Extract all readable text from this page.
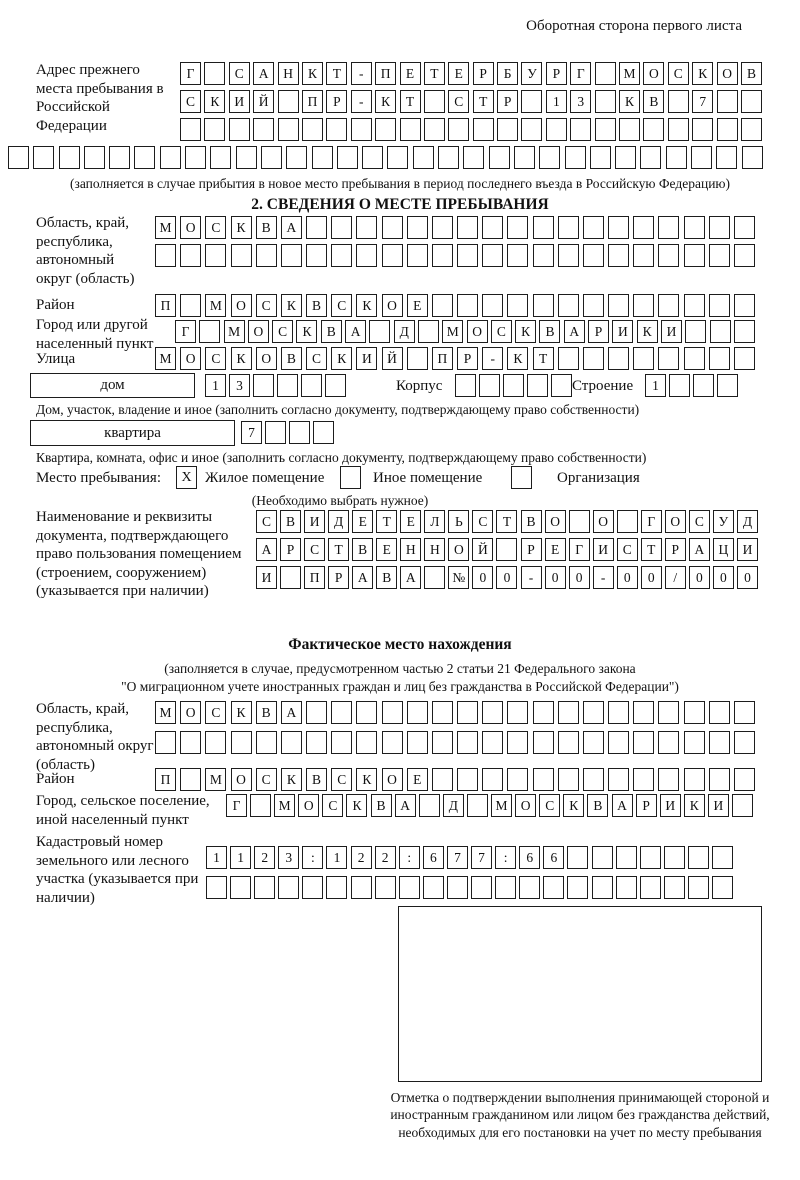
Оборотная сторона первого листа
Адрес прежнего места пребывания в Российской Федерации
Г	С	А	Н	К	Т	-	П	Е	Т	Е	Р	Б	У	Р	Г	М	О	С	К	О	В
С	К	И	Й	П	Р	-	К	Т	С	Т	Р	1	3	К	В	7
(заполняется в случае прибытия в новое место пребывания в период последнего въезда в Российскую Федерацию)
2. СВЕДЕНИЯ О МЕСТЕ ПРЕБЫВАНИЯ
Область, край, республика, автономный округ (область)
М	О	С	К	В	А
Район	П	М	О	С	К	В	С	К	О	Е
Город или другой населенный пункт
Г	М О	С	К	В	А	Д	М О	С	К	В	А	Р	И	К	И
Улица	М	О	С	К	О	В	С	К	И	Й	П	Р	-	К	Т
дом	1	3	Корпус	Строение	1
Дом, участок, владение и иное (заполнить согласно документу, подтверждающему право собственности)
квартира	7
Квартира, комната, офис и иное (заполнить согласно документу, подтверждающему право собственности)
Место пребывания:	X Жилое помещение	Иное помещение	Организация
(Необходимо выбрать нужное)
Наименование и реквизиты документа, подтверждающего право пользования помещением (строением, сооружением) (указывается при наличии)
С	В	И	Д	Е	Т	Е	Л	Ь	С	Т	В	О	О	Г	О	С	У	Д
А	Р	С	Т	В	Е	Н	Н	О	Й	Р	Е	Г	И	С	Т	Р	А	Ц	И
И	П	Р	А	В	А	№	0	0	-	0	0	-	0	0	/	0	0	0
Фактическое место нахождения
(заполняется в случае, предусмотренном частью 2 статьи 21 Федерального закона
"О миграционном учете иностранных граждан и лиц без гражданства в Российской Федерации")
Область, край, республика, автономный округ (область)
М	О	С	К	В	А
Район	П	М	О	С	К	В	С	К	О	Е
Город, сельское поселение, иной населенный пункт
Г	М О	С	К	В	А	Д	М О	С	К	В	А	Р	И	К	И
Кадастровый номер земельного или лесного участка (указывается при наличии)
1	1	2	3	:	1	2	2	:	6	7	7	:	6	6
Отметка о подтверждении выполнения принимающей стороной и иностранным гражданином или лицом без гражданства действий, необходимых для его постановки на учет по месту пребывания
